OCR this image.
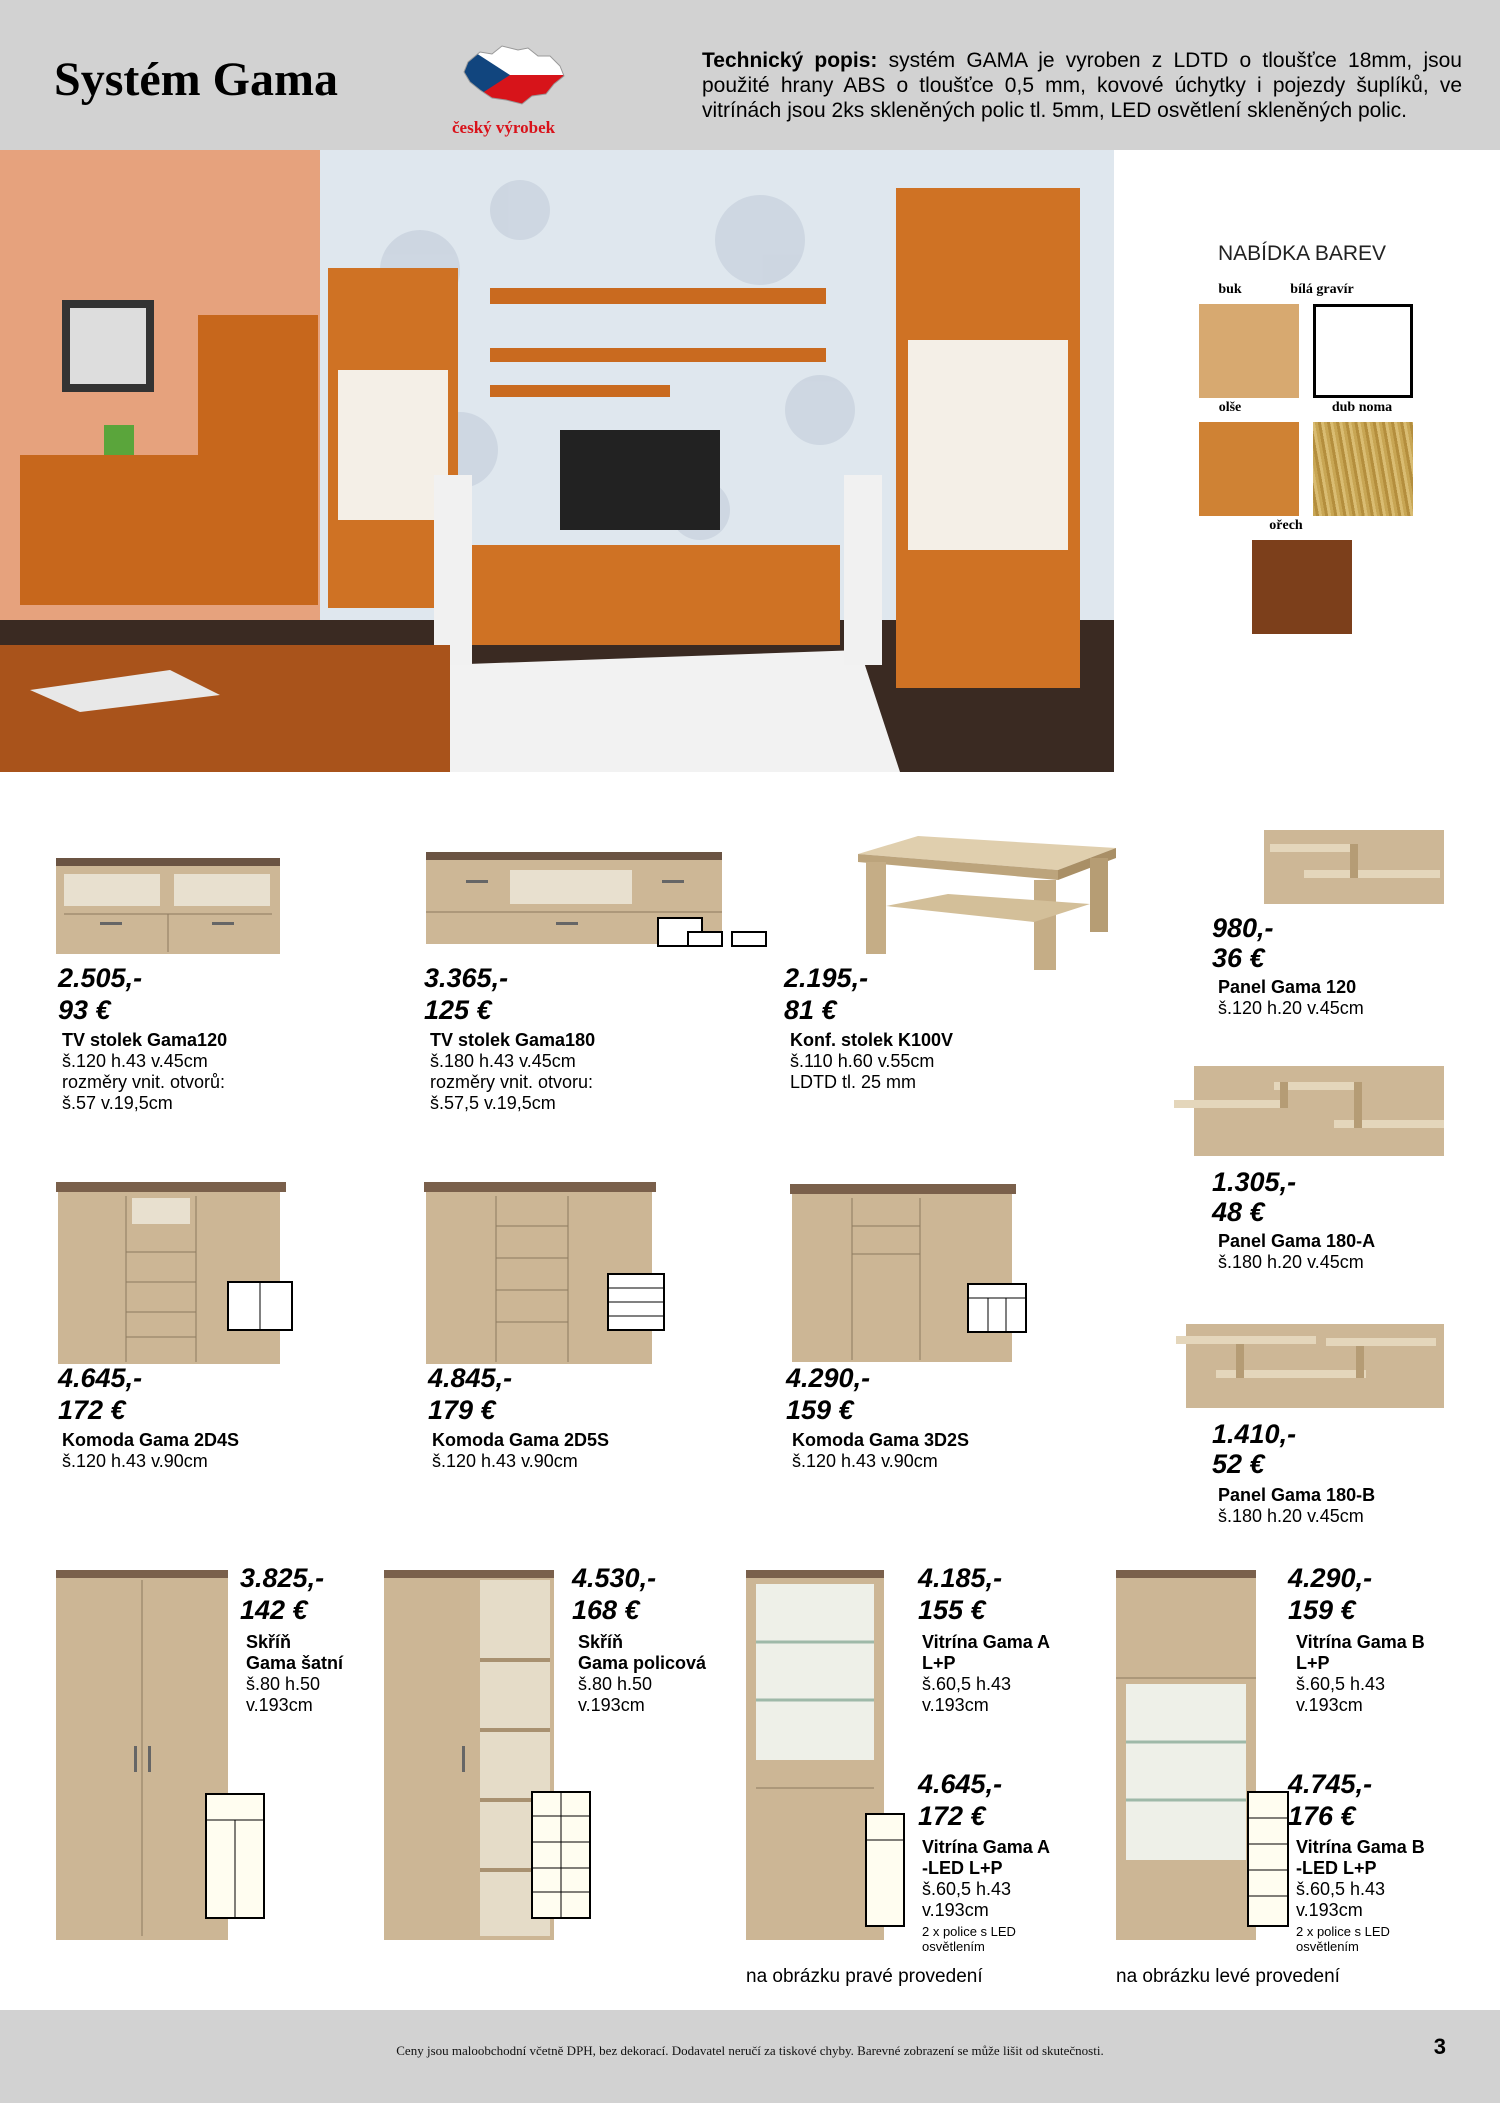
Systém Gama
český výrobek
Technický popis: systém GAMA je vyroben z LDTD o tloušťce 18mm, jsou použité hrany ABS o tloušťce 0,5 mm, kovové úchytky i pojezdy šuplíků, ve vitrínách jsou 2ks skleněných polic tl. 5mm, LED osvětlení skleněných polic.
NABÍDKA BAREV
buk	bílá gravír
olše	dub noma
ořech
2.505,-
93 €
TV stolek Gama120
š.120 h.43 v.45cm
rozměry vnit. otvorů:
š.57 v.19,5cm
3.365,-
125 €
TV stolek Gama180
š.180 h.43 v.45cm
rozměry vnit. otvoru:
š.57,5 v.19,5cm
2.195,-
81 €
Konf. stolek K100V
š.110 h.60 v.55cm
LDTD tl. 25 mm
980,-
36 €
Panel Gama 120
š.120 h.20 v.45cm
1.305,-
48 €
Panel Gama 180-A
š.180 h.20 v.45cm
1.410,-
52 €
Panel Gama 180-B
š.180 h.20 v.45cm
4.645,-
172 €
Komoda Gama 2D4S
š.120 h.43 v.90cm
4.845,-
179 €
Komoda Gama 2D5S
š.120 h.43 v.90cm
4.290,-
159 €
Komoda Gama 3D2S
š.120 h.43 v.90cm
3.825,-
142 €
Skříň
Gama šatní
š.80 h.50
v.193cm
4.530,-
168 €
Skříň
Gama policová
š.80 h.50
v.193cm
4.185,-
155 €
Vitrína Gama A
L+P
š.60,5 h.43
v.193cm
4.645,-
172 €
Vitrína Gama A
-LED L+P
š.60,5 h.43
v.193cm
2 x police s LED
osvětlením
na obrázku pravé provedení
4.290,-
159 €
Vitrína Gama B
L+P
š.60,5 h.43
v.193cm
4.745,-
176 €
Vitrína Gama B
-LED L+P
š.60,5 h.43
v.193cm
2 x police s LED
osvětlením
na obrázku levé provedení
Ceny jsou maloobchodní včetně DPH, bez dekorací. Dodavatel neručí za tiskové chyby. Barevné zobrazení se může lišit od skutečnosti.	3
